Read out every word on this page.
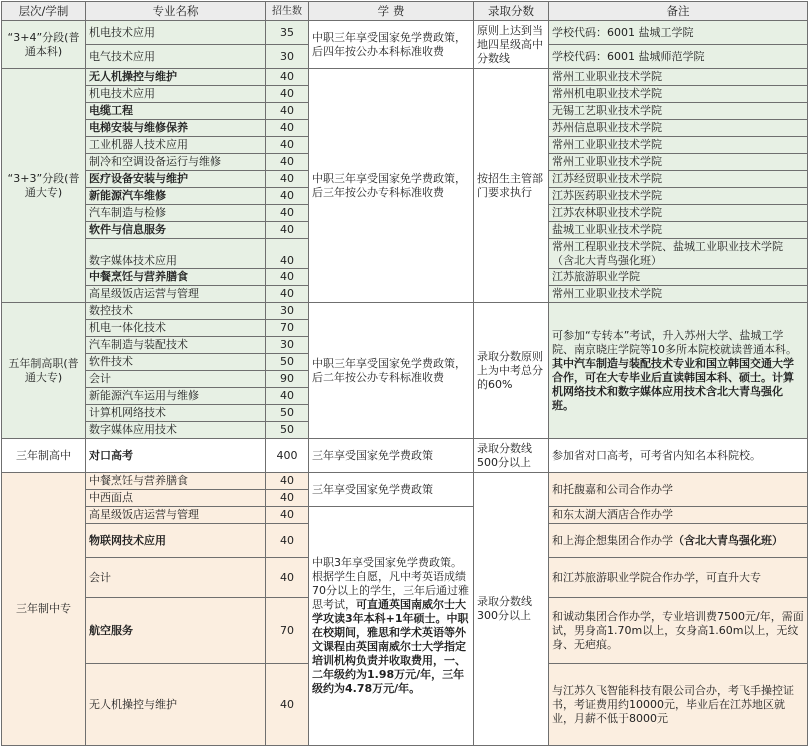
层次/学制	专业名称	招生数	学 费	录取分数	备注
“3+4”分段(普通本科)	机电技术应用	35	中职三年享受国家免学费政策，后四年按公办本科标准收费	原则上达到当地四星级高中分数线	学校代码：6001 盐城工学院
	电气技术应用	30			学校代码：6001 盐城师范学院
“3+3”分段(普通大专)	无人机操控与维护	40	中职三年享受国家免学费政策，后三年按公办专科标准收费	按招生主管部门要求执行	常州工业职业技术学院
	机电技术应用	40			常州机电职业技术学院
	电缆工程	40			无锡工艺职业技术学院
	电梯安装与维修保养	40			苏州信息职业技术学院
	工业机器人技术应用	40			常州工业职业技术学院
	制冷和空调设备运行与维修	40			常州工业职业技术学院
	医疗设备安装与维护	40			江苏经贸职业技术学院
	新能源汽车维修	40			江苏医药职业技术学院
	汽车制造与检修	40			江苏农林职业技术学院
	软件与信息服务	40			盐城工业职业技术学院
	数字媒体技术应用	40			常州工程职业技术学院、盐城工业职业技术学院（含北大青鸟强化班）
	中餐烹饪与营养膳食	40			江苏旅游职业学院
	高星级饭店运营与管理	40			常州工业职业技术学院
五年制高职(普通大专)	数控技术	30	中职三年享受国家免学费政策，后二年按公办专科标准收费	录取分数原则上为中考总分的60%	可参加“专转本”考试，升入苏州大学、盐城工学院、南京晓庄学院等10多所本院校就读普通本科。其中汽车制造与装配技术专业和国立韩国交通大学合作，可在大专毕业后直读韩国本科、硕士。计算机网络技术和数字媒体应用技术含北大青鸟强化班。
	机电一体化技术	70			
	汽车制造与装配技术	30			
	软件技术	50			
	会计	90			
	新能源汽车运用与维修	40			
	计算机网络技术	50			
	数字媒体应用技术	50			
三年制高中	对口高考	400	三年享受国家免学费政策	录取分数线500分以上	参加省对口高考，可考省内知名本科院校。
三年制中专	中餐烹饪与营养膳食	40	三年享受国家免学费政策	录取分数线300分以上	和托馥嘉和公司合作办学
	中西面点	40			
	高星级饭店运营与管理	40	中职3年享受国家免学费政策。根据学生自愿，凡中考英语成绩70分以上的学生，三年后通过雅思考试，可直通英国南威尔士大学攻读3年本科+1年硕士。中职在校期间，雅思和学术英语等外文课程由英国南威尔士大学指定培训机构负责并收取费用，一、二年级约为1.98万元/年，三年级约为4.78万元/年。		和东太湖大酒店合作办学
	物联网技术应用	40			和上海企想集团合作办学（含北大青鸟强化班）
	会计	40			和江苏旅游职业学院合作办学，可直升大专
	航空服务	70			和诚动集团合作办学，专业培训费7500元/年，需面试，男身高1.70m以上，女身高1.60m以上，无纹身、无疤痕。
	无人机操控与维护	40			与江苏久飞智能科技有限公司合办，考飞手操控证书，考证费用约10000元，毕业后在江苏地区就业，月薪不低于8000元
